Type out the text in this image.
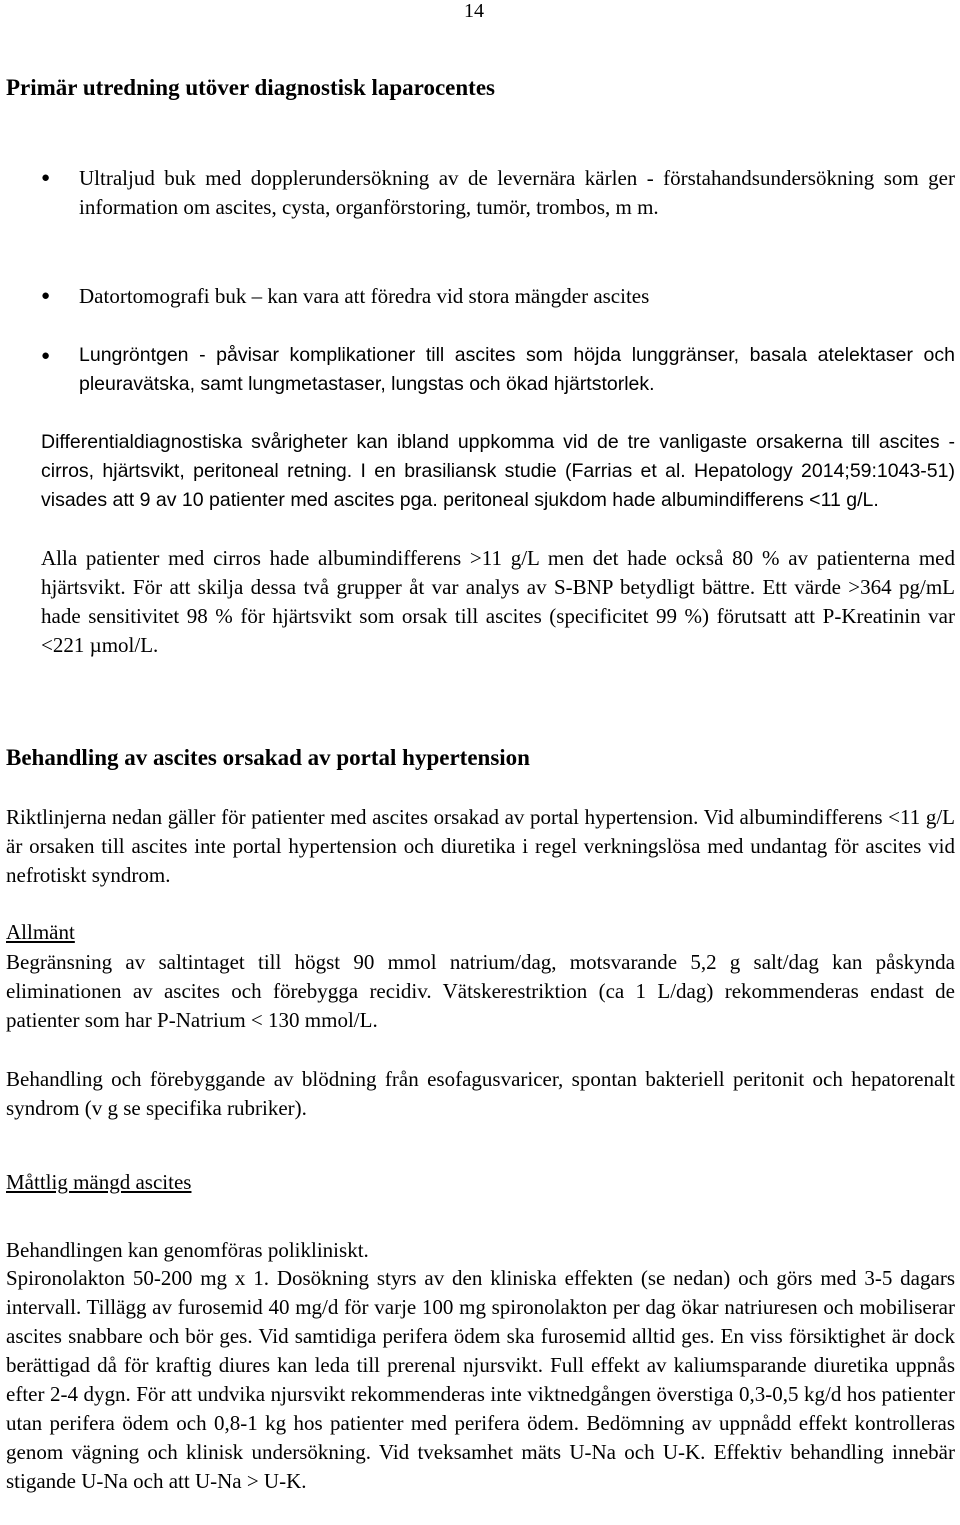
14
Primär utredning utöver diagnostisk laparocentes

● Ultraljud buk med dopplerundersökning av de levernära kärlen - förstahandsundersökning som ger information om ascites, cysta, organförstoring, tumör, trombos, m m.

● Datortomografi buk – kan vara att föredra vid stora mängder ascites

● Lungröntgen - påvisar komplikationer till ascites som höjda lunggränser, basala atelektaser och pleuravätska, samt lungmetastaser, lungstas och ökad hjärtstorlek.

Differentialdiagnostiska svårigheter kan ibland uppkomma vid de tre vanligaste orsakerna till ascites - cirros, hjärtsvikt, peritoneal retning. I en brasiliansk studie (Farrias et al. Hepatology 2014;59:1043-51) visades att 9 av 10 patienter med ascites pga. peritoneal sjukdom hade albumindifferens <11 g/L.

Alla patienter med cirros hade albumindifferens >11 g/L men det hade också 80 % av patienterna med hjärtsvikt. För att skilja dessa två grupper åt var analys av S-BNP betydligt bättre. Ett värde >364 pg/mL hade sensitivitet 98 % för hjärtsvikt som orsak till ascites (specificitet 99 %) förutsatt att P-Kreatinin var <221 µmol/L.

Behandling av ascites orsakad av portal hypertension

Riktlinjerna nedan gäller för patienter med ascites orsakad av portal hypertension. Vid albumindifferens <11 g/L är orsaken till ascites inte portal hypertension och diuretika i regel verkningslösa med undantag för ascites vid nefrotiskt syndrom.

Allmänt

Begränsning av saltintaget till högst 90 mmol natrium/dag, motsvarande 5,2 g salt/dag kan påskynda eliminationen av ascites och förebygga recidiv. Vätskerestriktion (ca 1 L/dag) rekommenderas endast de patienter som har P-Natrium < 130 mmol/L.

Behandling och förebyggande av blödning från esofagusvaricer, spontan bakteriell peritonit och hepatorenalt syndrom (v g se specifika rubriker).

Måttlig mängd ascites

Behandlingen kan genomföras polikliniskt.

Spironolakton 50-200 mg x 1. Dosökning styrs av den kliniska effekten (se nedan) och görs med 3-5 dagars intervall. Tillägg av furosemid 40 mg/d för varje 100 mg spironolakton per dag ökar natriuresen och mobiliserar ascites snabbare och bör ges. Vid samtidiga perifera ödem ska furosemid alltid ges. En viss försiktighet är dock berättigad då för kraftig diures kan leda till prerenal njursvikt. Full effekt av kaliumsparande diuretika uppnås efter 2-4 dygn. För att undvika njursvikt rekommenderas inte viktnedgången överstiga 0,3-0,5 kg/d hos patienter utan perifera ödem och 0,8-1 kg hos patienter med perifera ödem. Bedömning av uppnådd effekt kontrolleras genom vägning och klinisk undersökning. Vid tveksamhet mäts U-Na och U-K. Effektiv behandling innebär stigande U-Na och att U-Na > U-K.
